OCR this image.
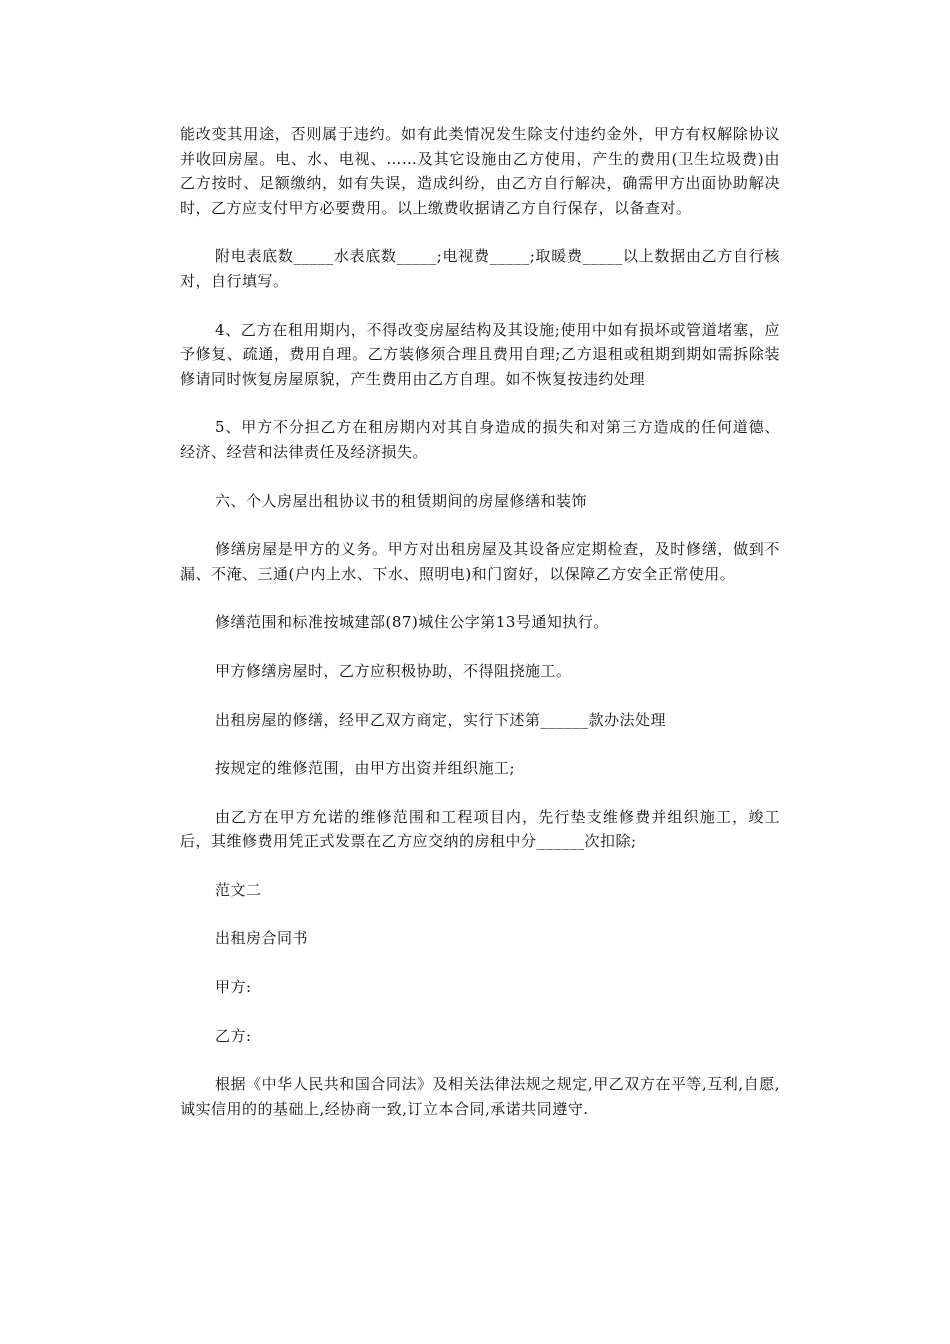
能改变其用途，否则属于违约。如有此类情况发生除支付违约金外，甲方有权解除协议并收回房屋。电、水、电视、……及其它设施由乙方使用，产生的费用(卫生垃圾费)由乙方按时、足额缴纳，如有失误，造成纠纷，由乙方自行解决，确需甲方出面协助解决时，乙方应支付甲方必要费用。以上缴费收据请乙方自行保存，以备查对。

附电表底数_____水表底数_____;电视费_____;取暖费_____以上数据由乙方自行核对，自行填写。

4、乙方在租用期内，不得改变房屋结构及其设施;使用中如有损坏或管道堵塞，应予修复、疏通，费用自理。乙方装修须合理且费用自理;乙方退租或租期到期如需拆除装修请同时恢复房屋原貌，产生费用由乙方自理。如不恢复按违约处理

5、甲方不分担乙方在租房期内对其自身造成的损失和对第三方造成的任何道德、经济、经营和法律责任及经济损失。

六、个人房屋出租协议书的租赁期间的房屋修缮和装饰

修缮房屋是甲方的义务。甲方对出租房屋及其设备应定期检查，及时修缮，做到不漏、不淹、三通(户内上水、下水、照明电)和门窗好，以保障乙方安全正常使用。

修缮范围和标准按城建部(87)城住公字第13号通知执行。

甲方修缮房屋时，乙方应积极协助，不得阻挠施工。

出租房屋的修缮，经甲乙双方商定，实行下述第______款办法处理

按规定的维修范围，由甲方出资并组织施工;

由乙方在甲方允诺的维修范围和工程项目内，先行垫支维修费并组织施工，竣工后，其维修费用凭正式发票在乙方应交纳的房租中分______次扣除;

范文二

出租房合同书

甲方:

乙方:

根据《中华人民共和国合同法》及相关法律法规之规定,甲乙双方在平等,互利,自愿,诚实信用的的基础上,经协商一致,订立本合同,承诺共同遵守.
